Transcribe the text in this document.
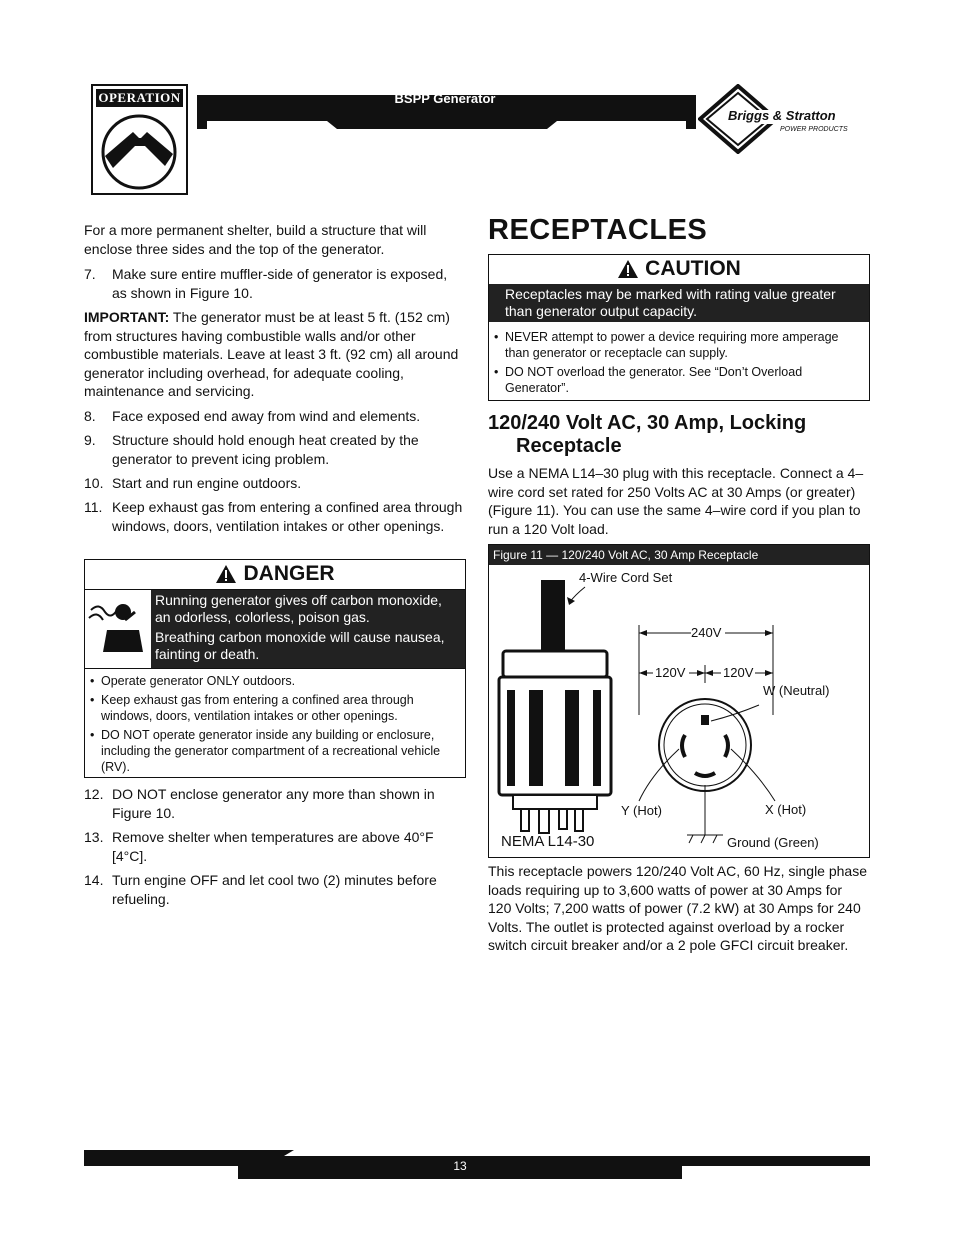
OPERATION	BSPP Generator
Briggs & Stratton
POWER PRODUCTS

For a more permanent shelter, build a structure that will enclose three sides and the top of the generator.

7. Make sure entire muffler-side of generator is exposed, as shown in Figure 10.

IMPORTANT: The generator must be at least 5 ft. (152 cm) from structures having combustible walls and/or other combustible materials. Leave at least 3 ft. (92 cm) all around generator including overhead, for adequate cooling, maintenance and servicing.

8. Face exposed end away from wind and elements.
9. Structure should hold enough heat created by the generator to prevent icing problem.
10. Start and run engine outdoors.
11. Keep exhaust gas from entering a confined area through windows, doors, ventilation intakes or other openings.
DANGER

Running generator gives off carbon monoxide, an odorless, colorless, poison gas.

Breathing carbon monoxide will cause nausea, fainting or death.

• Operate generator ONLY outdoors.
• Keep exhaust gas from entering a confined area through windows, doors, ventilation intakes or other openings.
• DO NOT operate generator inside any building or enclosure, including the generator compartment of a recreational vehicle (RV).
12. DO NOT enclose generator any more than shown in Figure 10.
13. Remove shelter when temperatures are above 40°F [4°C].
14. Turn engine OFF and let cool two (2) minutes before refueling.
RECEPTACLES
CAUTION
Receptacles may be marked with rating value greater than generator output capacity.
• NEVER attempt to power a device requiring more amperage than generator or receptacle can supply.
• DO NOT overload the generator. See “Don’t Overload Generator”.
120/240 Volt AC, 30 Amp, Locking Receptacle

Use a NEMA L14–30 plug with this receptacle. Connect a 4–wire cord set rated for 250 Volts AC at 30 Amps (or greater) (Figure 11). You can use the same 4–wire cord if you plan to run a 120 Volt load.

Figure 11 — 120/240 Volt AC, 30 Amp Receptacle
4-Wire Cord Set
240V
120V	120V
W (Neutral)
Y (Hot)	X (Hot)
Ground (Green)
NEMA L14-30

This receptacle powers 120/240 Volt AC, 60 Hz, single phase loads requiring up to 3,600 watts of power at 30 Amps for 120 Volts; 7,200 watts of power (7.2 kW) at 30 Amps for 240 Volts. The outlet is protected against overload by a rocker switch circuit breaker and/or a 2 pole GFCI circuit breaker.

13
